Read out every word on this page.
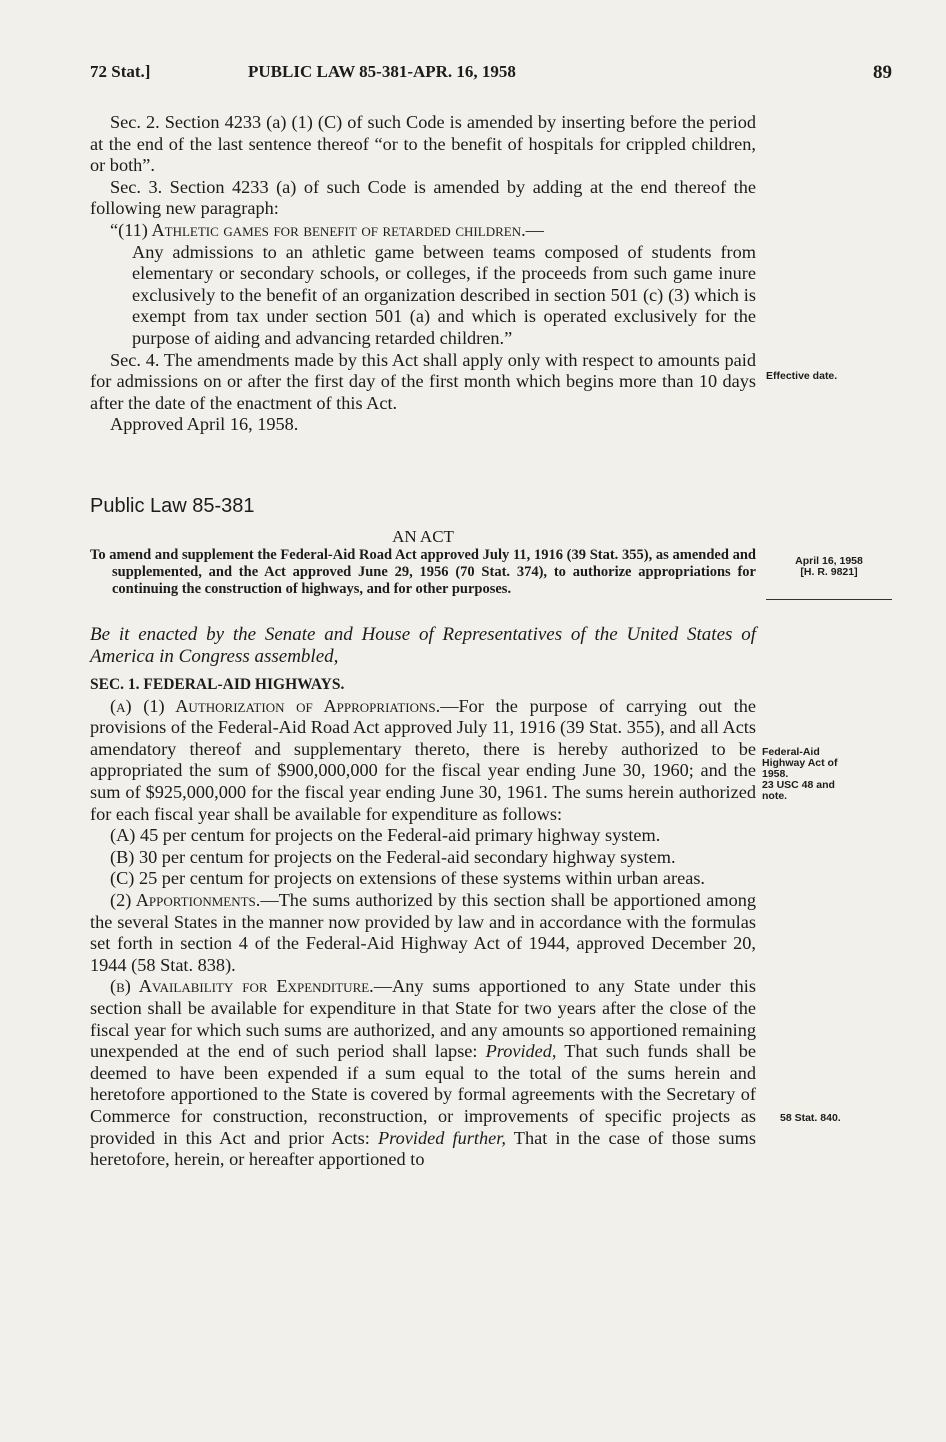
72 Stat.]	PUBLIC LAW 85-381-APR. 16, 1958	89

Sec. 2. Section 4233 (a) (1) (C) of such Code is amended by inserting before the period at the end of the last sentence thereof “or to the benefit of hospitals for crippled children, or both”.

Sec. 3. Section 4233 (a) of such Code is amended by adding at the end thereof the following new paragraph:

“(11) Athletic games for benefit of retarded children.—

Any admissions to an athletic game between teams composed of students from elementary or secondary schools, or colleges, if the proceeds from such game inure exclusively to the benefit of an organization described in section 501 (c) (3) which is exempt from tax under section 501 (a) and which is operated exclusively for the purpose of aiding and advancing retarded children.”

Sec. 4. The amendments made by this Act shall apply only with respect to amounts paid for admissions on or after the first day of the first month which begins more than 10 days after the date of the enactment of this Act.

Approved April 16, 1958.

Public Law 85-381

AN ACT

To amend and supplement the Federal-Aid Road Act approved July 11, 1916 (39 Stat. 355), as amended and supplemented, and the Act approved June 29, 1956 (70 Stat. 374), to authorize appropriations for continuing the construction of highways, and for other purposes.

Be it enacted by the Senate and House of Representatives of the United States of America in Congress assembled,

SEC. 1. FEDERAL-AID HIGHWAYS.

(a) (1) Authorization of Appropriations.—For the purpose of carrying out the provisions of the Federal-Aid Road Act approved July 11, 1916 (39 Stat. 355), and all Acts amendatory thereof and supplementary thereto, there is hereby authorized to be appropriated the sum of $900,000,000 for the fiscal year ending June 30, 1960; and the sum of $925,000,000 for the fiscal year ending June 30, 1961. The sums herein authorized for each fiscal year shall be available for expenditure as follows:

(A) 45 per centum for projects on the Federal-aid primary highway system.

(B) 30 per centum for projects on the Federal-aid secondary highway system.

(C) 25 per centum for projects on extensions of these systems within urban areas.

(2) Apportionments.—The sums authorized by this section shall be apportioned among the several States in the manner now provided by law and in accordance with the formulas set forth in section 4 of the Federal-Aid Highway Act of 1944, approved December 20, 1944 (58 Stat. 838).

(b) Availability for Expenditure.—Any sums apportioned to any State under this section shall be available for expenditure in that State for two years after the close of the fiscal year for which such sums are authorized, and any amounts so apportioned remaining unexpended at the end of such period shall lapse: Provided, That such funds shall be deemed to have been expended if a sum equal to the total of the sums herein and heretofore apportioned to the State is covered by formal agreements with the Secretary of Commerce for construction, reconstruction, or improvements of specific projects as provided in this Act and prior Acts: Provided further, That in the case of those sums heretofore, herein, or hereafter apportioned to

Effective date.
April 16, 1958
[H. R. 9821]
Federal-Aid
Highway Act of
1958.
23 USC 48 and
note.
58 Stat. 840.
